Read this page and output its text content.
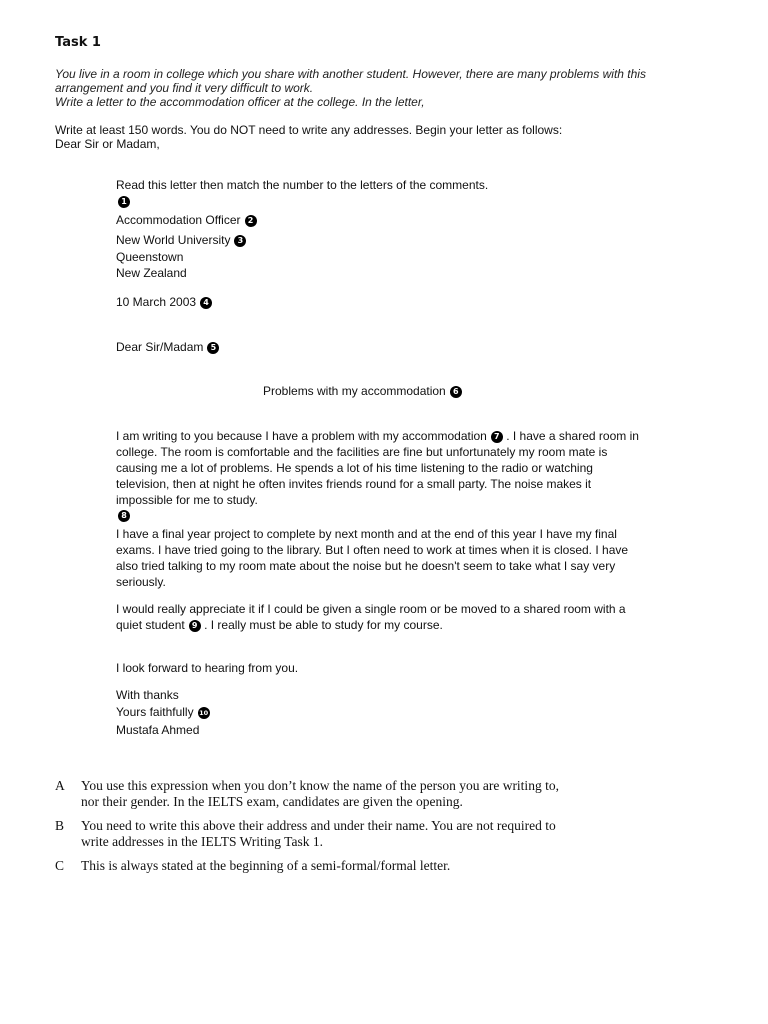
Task 1
You live in a room in college which you share with another student. However, there are many problems with this arrangement and you find it very difficult to work.
Write a letter to the accommodation officer at the college. In the letter,
Write at least 150 words. You do NOT need to write any addresses. Begin your letter as follows:
Dear Sir or Madam,
Read this letter then match the number to the letters of the comments.
1
Accommodation Officer 2
New World University 3
Queenstown
New Zealand
10 March 2003 4
Dear Sir/Madam 5
Problems with my accommodation 6
I am writing to you because I have a problem with my accommodation 7 . I have a shared room in college. The room is comfortable and the facilities are fine but unfortunately my room mate is causing me a lot of problems. He spends a lot of his time listening to the radio or watching television, then at night he often invites friends round for a small party. The noise makes it impossible for me to study.
8
I have a final year project to complete by next month and at the end of this year I have my final exams. I have tried going to the library. But I often need to work at times when it is closed. I have also tried talking to my room mate about the noise but he doesn't seem to take what I say very seriously.
I would really appreciate it if I could be given a single room or be moved to a shared room with a quiet student 9 . I really must be able to study for my course.
I look forward to hearing from you.
With thanks
Yours faithfully 10
Mustafa Ahmed
A	You use this expression when you don’t know the name of the person you are writing to, nor their gender. In the IELTS exam, candidates are given the opening.
B	You need to write this above their address and under their name. You are not required to write addresses in the IELTS Writing Task 1.
C	This is always stated at the beginning of a semi-formal/formal letter.
